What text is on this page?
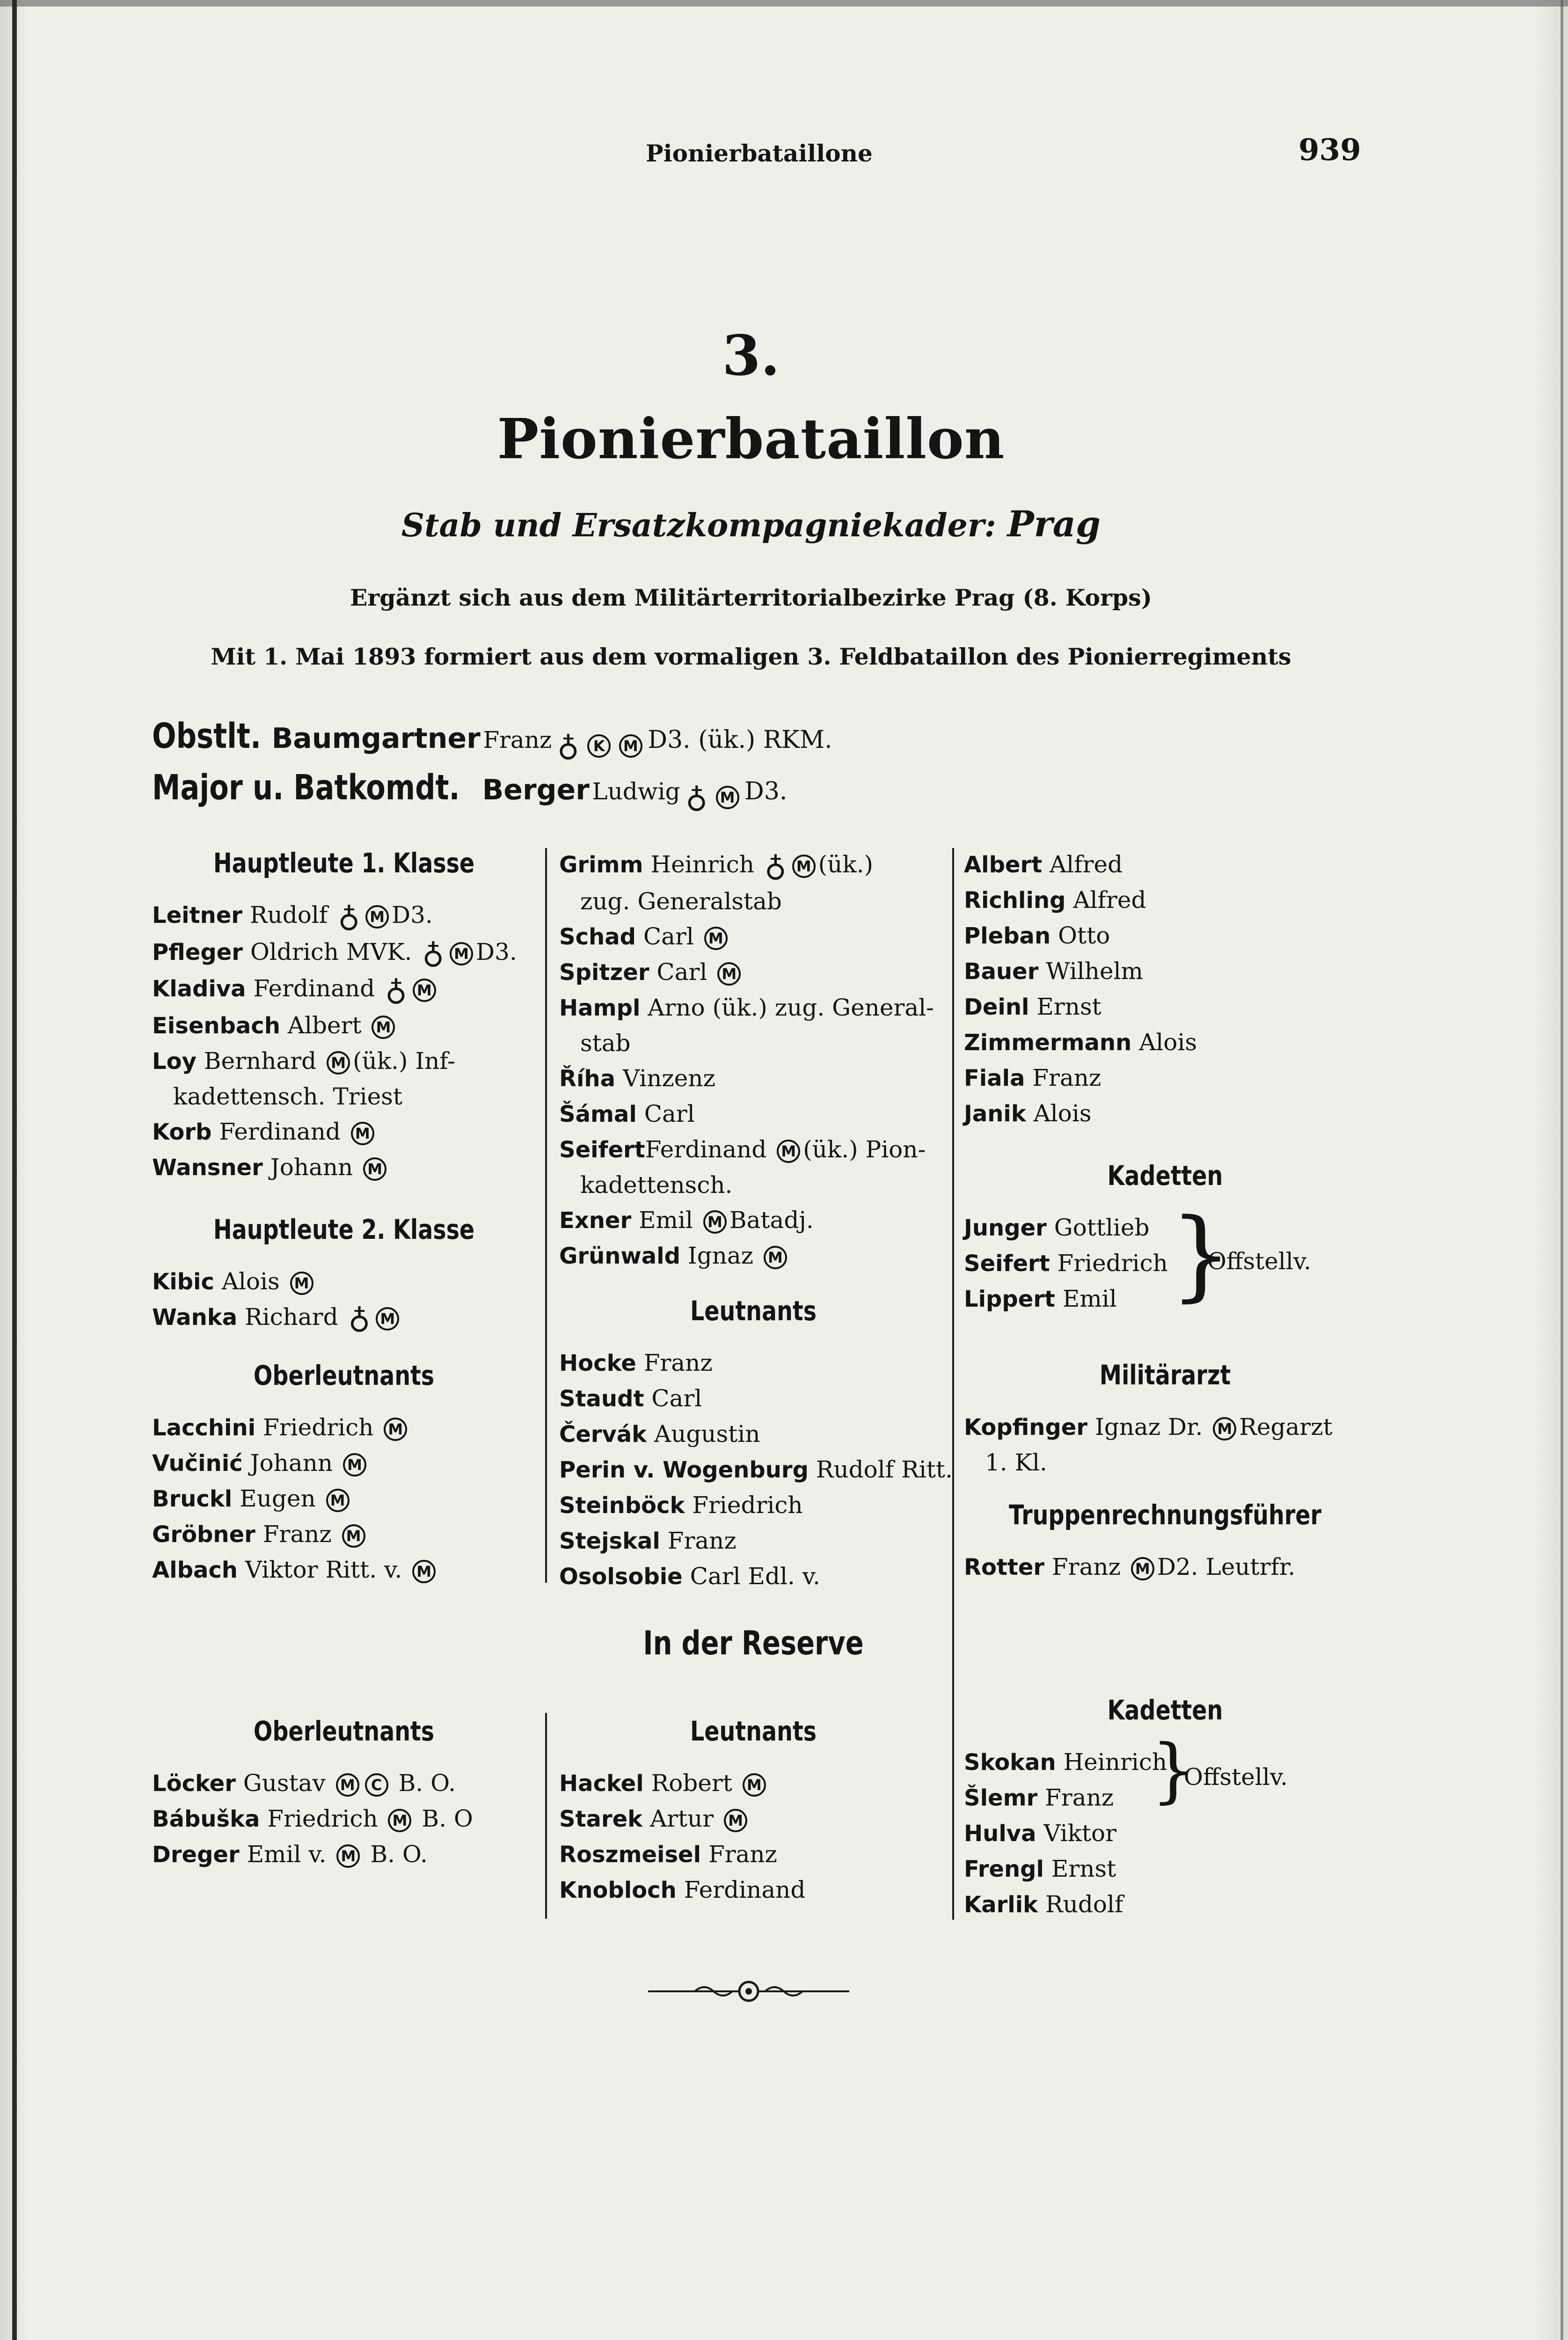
Pionierbataillone	939
3.
Pionierbataillon
Stab und Ersatzkompagniekader: Prag
Ergänzt sich aus dem Militärterritorialbezirke Prag (8. Korps)
Mit 1. Mai 1893 formiert aus dem vormaligen 3. Feldbataillon des Pionierregiments
Obstlt. Baumgartner Franz ♁ K M D3. (ük.) RKM.
Major u. Batkomdt. Berger Ludwig ♁ M D3.
Hauptleute 1. Klasse
Leitner Rudolf ♁ M D3.
Pfleger Oldrich MVK. ♁ M D3.
Kladiva Ferdinand ♁ M
Eisenbach Albert M
Loy Bernhard M (ük.) Inf-
kadettensch. Triest
Korb Ferdinand M
Wansner Johann M
Hauptleute 2. Klasse
Kibic Alois M
Wanka Richard ♁ M
Oberleutnants
Lacchini Friedrich M
Vučinić Johann M
Bruckl Eugen M
Gröbner Franz M
Albach Viktor Ritt. v. M
Oberleutnants
Löcker Gustav M C B. O.
Bábuška Friedrich M B. O
Dreger Emil v. M B. O.
Grimm Heinrich ♁ M (ük.)
zug. Generalstab
Schad Carl M
Spitzer Carl M
Hampl Arno (ük.) zug. General-
stab
Říha Vinzenz
Šámal Carl
SeifertFerdinand M (ük.) Pion-
kadettensch.
Exner Emil M Batadj.
Grünwald Ignaz M
Leutnants
Hocke Franz
Staudt Carl
Červák Augustin
Perin v. Wogenburg Rudolf Ritt.
Steinböck Friedrich
Stejskal Franz
Osolsobie Carl Edl. v.
In der Reserve
Leutnants
Hackel Robert M
Starek Artur M
Roszmeisel Franz
Knobloch Ferdinand
Albert Alfred
Richling Alfred
Pleban Otto
Bauer Wilhelm
Deinl Ernst
Zimmermann Alois
Fiala Franz
Janik Alois
Kadetten
Junger Gottlieb
Seifert Friedrich
Lippert Emil }
Offstellv.
Militärarzt
Kopfinger Ignaz Dr. M Regarzt
1. Kl.
Truppenrechnungsführer
Rotter Franz M D2. Leutrfr.
Kadetten
Skokan Heinrich
Šlemr Franz }
Offstellv.
Hulva Viktor
Frengl Ernst
Karlik Rudolf
